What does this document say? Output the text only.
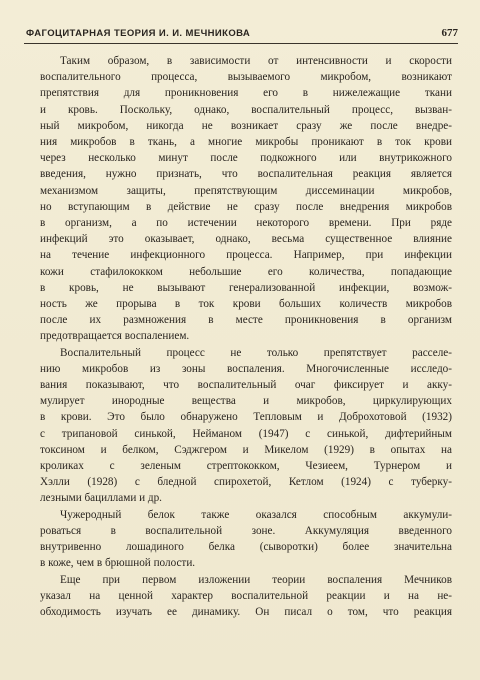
ФАГОЦИТАРНАЯ ТЕОРИЯ И. И. МЕЧНИКОВА	677

Таким образом, в зависимости от интенсивности и скорости
воспалительного процесса, вызываемого микробом, возникают
препятствия для проникновения его в нижележащие ткани
и кровь. Поскольку, однако, воспалительный процесс, вызван-
ный микробом, никогда не возникает сразу же после внедре-
ния микробов в ткань, а многие микробы проникают в ток крови
через несколько минут после подкожного или внутрикожного
введения, нужно признать, что воспалительная реакция является
механизмом защиты, препятствующим диссеминации микробов,
но вступающим в действие не сразу после внедрения микробов
в организм, а по истечении некоторого времени. При ряде
инфекций это оказывает, однако, весьма существенное влияние
на течение инфекционного процесса. Например, при инфекции
кожи стафилококком небольшие его количества, попадающие
в кровь, не вызывают генерализованной инфекции, возмож-
ность же прорыва в ток крови больших количеств микробов
после их размножения в месте проникновения в организм
предотвращается воспалением.

Воспалительный процесс не только препятствует расселе-
нию микробов из зоны воспаления. Многочисленные исследо-
вания показывают, что воспалительный очаг фиксирует и акку-
мулирует инородные вещества и микробов, циркулирующих
в крови. Это было обнаружено Тепловым и Доброхотовой (1932)
с трипановой синькой, Нейманом (1947) с синькой, дифтерийным
токсином и белком, Сэджгером и Микелом (1929) в опытах на
кроликах с зеленым стрептококком, Чезиеем, Турнером и
Хэлли (1928) с бледной спирохетой, Кетлом (1924) с туберку-
лезными бациллами и др.

Чужеродный белок также оказался способным аккумули-
роваться в воспалительной зоне. Аккумуляция введенного
внутривенно лошадиного белка (сыворотки) более значительна
в коже, чем в брюшной полости.

Еще при первом изложении теории воспаления Мечников
указал на ценной характер воспалительной реакции и на не-
обходимость изучать ее динамику. Он писал о том, что реакция
